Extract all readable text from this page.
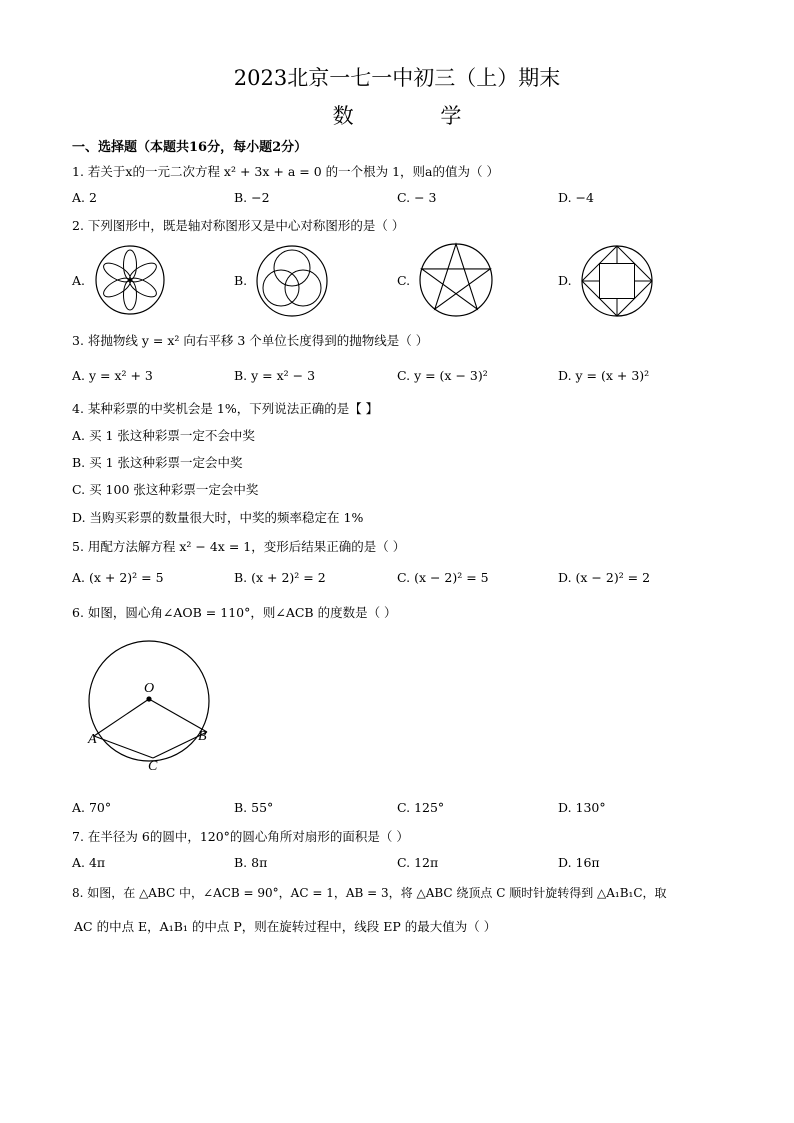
2023北京一七一中初三（上）期末
数 学
一、选择题（本题共16分，每小题2分）
1. 若关于x的一元二次方程 x² + 3x + a = 0 的一个根为 1，则a的值为（ ）
A. 2	B. −2	C. − 3	D. −4
2. 下列图形中，既是轴对称图形又是中心对称图形的是（ ）
A.	B.	C.	D.
3. 将抛物线 y = x² 向右平移 3 个单位长度得到的抛物线是（ ）
A. y = x² + 3	B. y = x² − 3	C. y = (x − 3)²	D. y = (x + 3)²
4. 某种彩票的中奖机会是 1%，下列说法正确的是【 】
A. 买 1 张这种彩票一定不会中奖
B. 买 1 张这种彩票一定会中奖
C. 买 100 张这种彩票一定会中奖
D. 当购买彩票的数量很大时，中奖的频率稳定在 1%
5. 用配方法解方程 x² − 4x = 1，变形后结果正确的是（ ）
A. (x + 2)² = 5	B. (x + 2)² = 2	C. (x − 2)² = 5	D. (x − 2)² = 2
6. 如图，圆心角∠AOB = 110°，则∠ACB 的度数是（ ）
O
A	B
C
A. 70°	B. 55°	C. 125°	D. 130°
7. 在半径为 6的圆中，120°的圆心角所对扇形的面积是（ ）
A. 4π	B. 8π	C. 12π	D. 16π
8. 如图，在 △ABC 中，∠ACB = 90°，AC = 1，AB = 3，将 △ABC 绕顶点 C 顺时针旋转得到 △A₁B₁C，取
AC 的中点 E，A₁B₁ 的中点 P，则在旋转过程中，线段 EP 的最大值为（ ）
